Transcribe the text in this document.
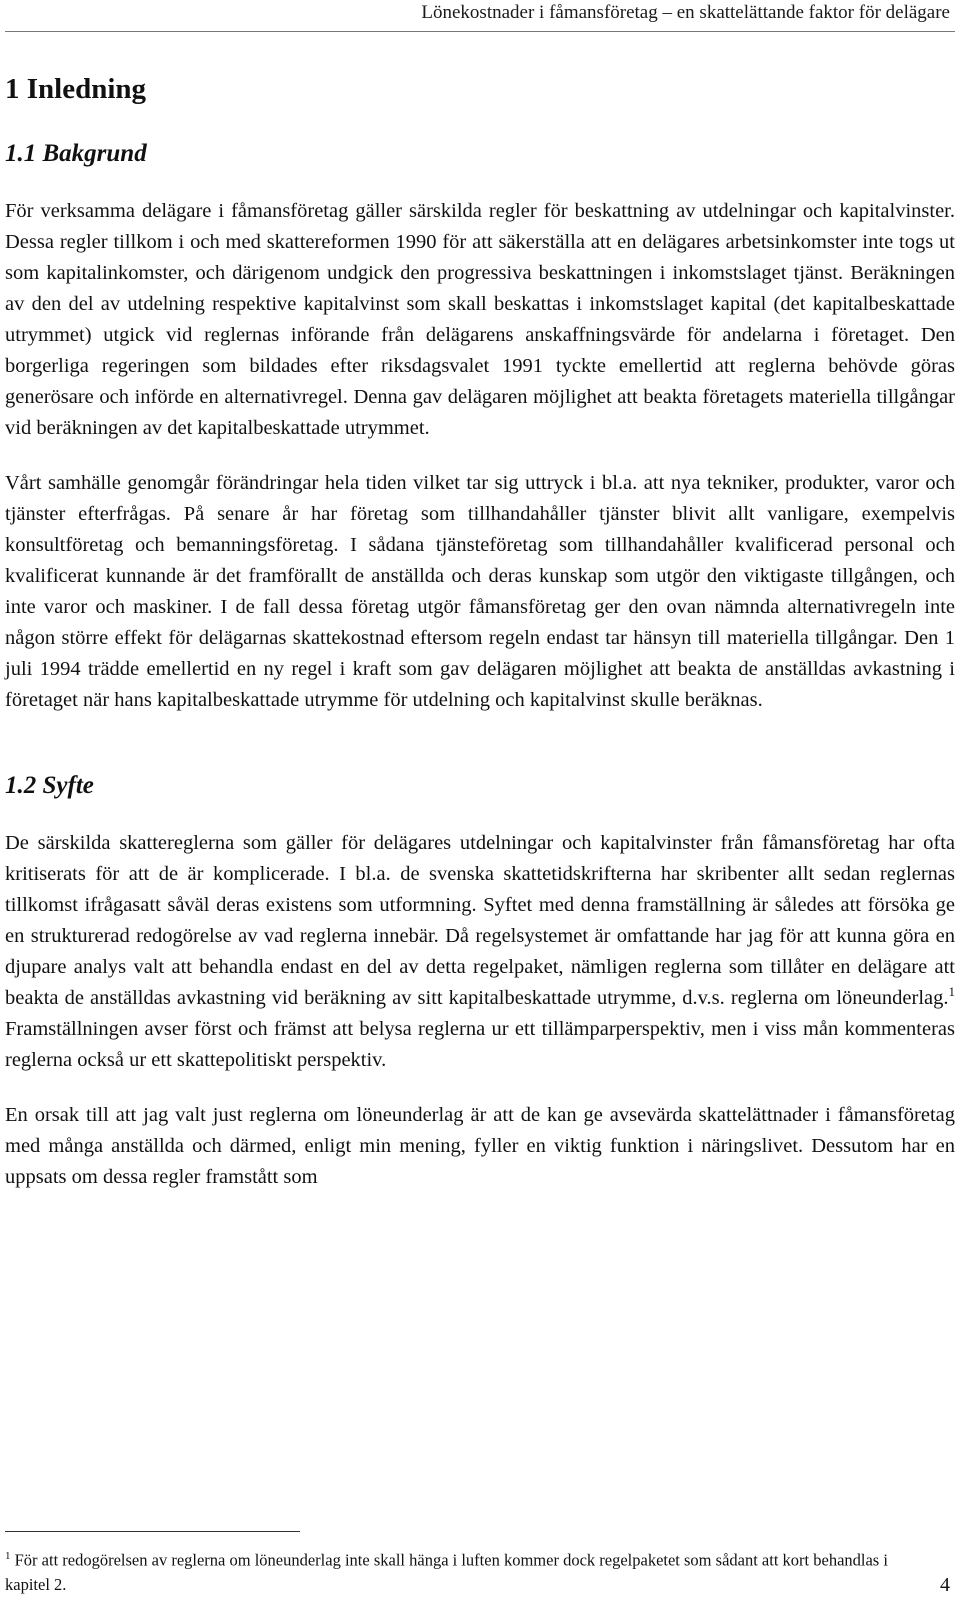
Lönekostnader i fåmansföretag – en skattelättande faktor för delägare
1 Inledning
1.1 Bakgrund

För verksamma delägare i fåmansföretag gäller särskilda regler för beskattning av utdelningar och kapitalvinster. Dessa regler tillkom i och med skattereformen 1990 för att säkerställa att en delägares arbetsinkomster inte togs ut som kapitalinkomster, och därigenom undgick den progressiva beskattningen i inkomstslaget tjänst. Beräkningen av den del av utdelning respektive kapitalvinst som skall beskattas i inkomstslaget kapital (det kapitalbeskattade utrymmet) utgick vid reglernas införande från delägarens anskaffningsvärde för andelarna i företaget. Den borgerliga regeringen som bildades efter riksdagsvalet 1991 tyckte emellertid att reglerna behövde göras generösare och införde en alternativregel. Denna gav delägaren möjlighet att beakta företagets materiella tillgångar vid beräkningen av det kapitalbeskattade utrymmet.

Vårt samhälle genomgår förändringar hela tiden vilket tar sig uttryck i bl.a. att nya tekniker, produkter, varor och tjänster efterfrågas. På senare år har företag som tillhandahåller tjänster blivit allt vanligare, exempelvis konsultföretag och bemanningsföretag. I sådana tjänsteföretag som tillhandahåller kvalificerad personal och kvalificerat kunnande är det framförallt de anställda och deras kunskap som utgör den viktigaste tillgången, och inte varor och maskiner. I de fall dessa företag utgör fåmansföretag ger den ovan nämnda alternativregeln inte någon större effekt för delägarnas skattekostnad eftersom regeln endast tar hänsyn till materiella tillgångar. Den 1 juli 1994 trädde emellertid en ny regel i kraft som gav delägaren möjlighet att beakta de anställdas avkastning i företaget när hans kapitalbeskattade utrymme för utdelning och kapitalvinst skulle beräknas.

1.2 Syfte

De särskilda skattereglerna som gäller för delägares utdelningar och kapitalvinster från fåmansföretag har ofta kritiserats för att de är komplicerade. I bl.a. de svenska skattetidskrifterna har skribenter allt sedan reglernas tillkomst ifrågasatt såväl deras existens som utformning. Syftet med denna framställning är således att försöka ge en strukturerad redogörelse av vad reglerna innebär. Då regelsystemet är omfattande har jag för att kunna göra en djupare analys valt att behandla endast en del av detta regelpaket, nämligen reglerna som tillåter en delägare att beakta de anställdas avkastning vid beräkning av sitt kapitalbeskattade utrymme, d.v.s. reglerna om löneunderlag.$^1$ Framställningen avser först och främst att belysa reglerna ur ett tillämparperspektiv, men i viss mån kommenteras reglerna också ur ett skattepolitiskt perspektiv.

En orsak till att jag valt just reglerna om löneunderlag är att de kan ge avsevärda skattelättnader i fåmansföretag med många anställda och därmed, enligt min mening, fyller en viktig funktion i näringslivet. Dessutom har en uppsats om dessa regler framstått som

$^1$ För att redogörelsen av reglerna om löneunderlag inte skall hänga i luften kommer dock regelpaketet som sådant att kort behandlas i kapitel 2.	4
